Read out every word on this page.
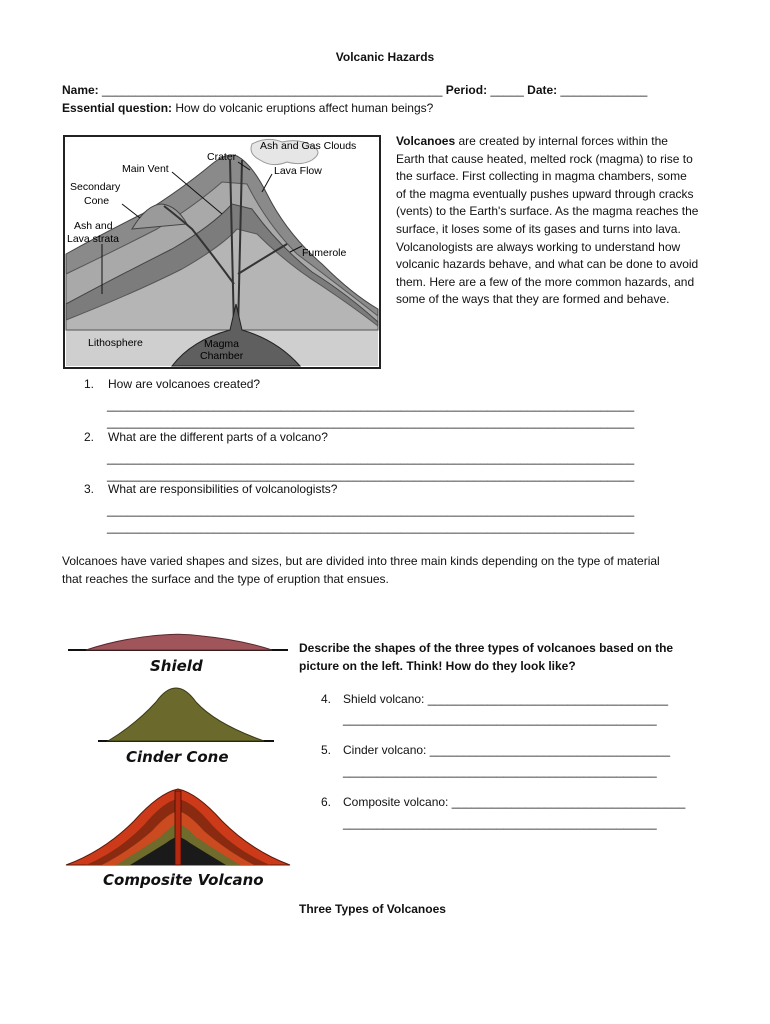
Volcanic Hazards
Name: ___________________________________________________ Period: _____ Date: _____________
Essential question: How do volcanic eruptions affect human beings?
Crater
Ash and Gas Clouds
Main Vent	Lava Flow
Secondary
Cone
Ash and
Lava strata
Fumerole
Lithosphere	Magma
Chamber
Volcanoes are created by internal forces within the
Earth that cause heated, melted rock (magma) to rise to
the surface. First collecting in magma chambers, some
of the magma eventually pushes upward through cracks
(vents) to the Earth's surface. As the magma reaches the
surface, it loses some of its gases and turns into lava.
Volcanologists are always working to understand how
volcanic hazards behave, and what can be done to avoid
them. Here are a few of the more common hazards, and
some of the ways that they are formed and behave.
1. How are volcanoes created?
_______________________________________________________________________________
_______________________________________________________________________________
2. What are the different parts of a volcano?
_______________________________________________________________________________
_______________________________________________________________________________
3. What are responsibilities of volcanologists?
_______________________________________________________________________________
_______________________________________________________________________________
Volcanoes have varied shapes and sizes, but are divided into three main kinds depending on the type of material
that reaches the surface and the type of eruption that ensues.
Shield
Cinder Cone
Composite Volcano
Describe the shapes of the three types of volcanoes based on the
picture on the left. Think! How do they look like?
4. Shield volcano: ____________________________________
_______________________________________________
5. Cinder volcano: ____________________________________
_______________________________________________
6. Composite volcano: ___________________________________
_______________________________________________
Three Types of Volcanoes
